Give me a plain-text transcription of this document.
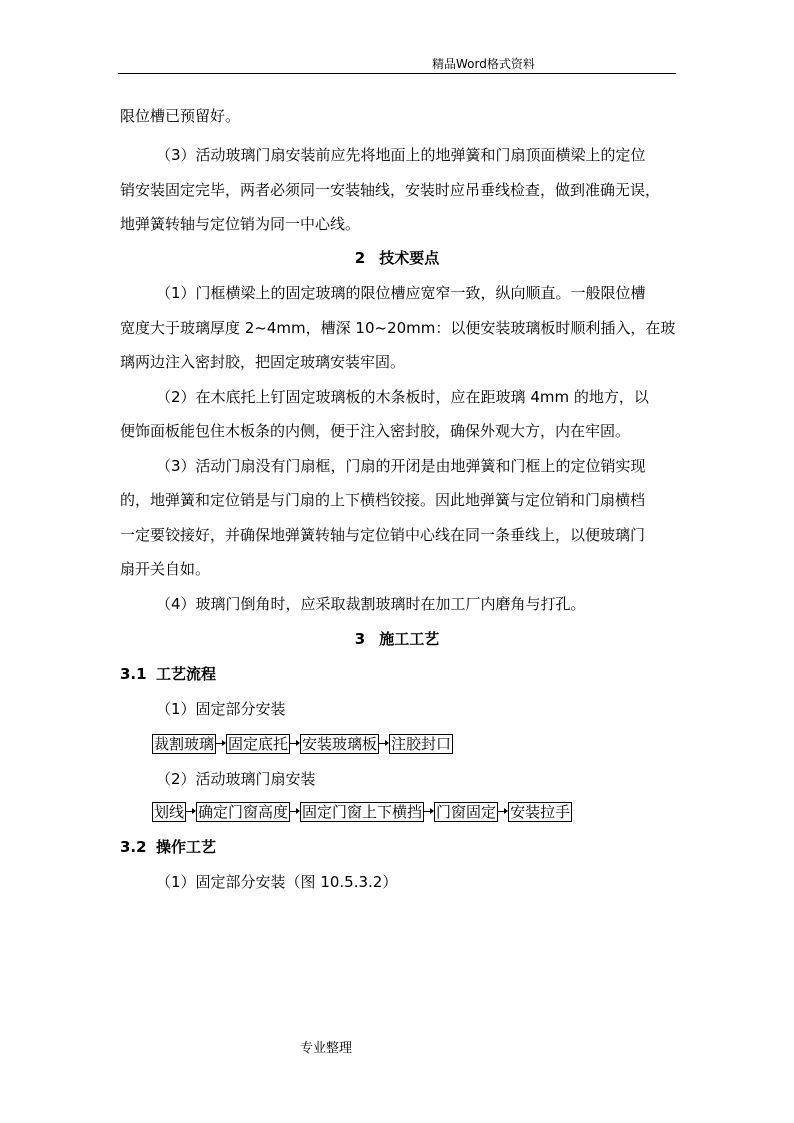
精品Word格式资料
限位槽已预留好。
（3）活动玻璃门扇安装前应先将地面上的地弹簧和门扇顶面横梁上的定位
销安装固定完毕，两者必须同一安装轴线，安装时应吊垂线检查，做到准确无误，
地弹簧转轴与定位销为同一中心线。
2 技术要点
（1）门框横梁上的固定玻璃的限位槽应宽窄一致，纵向顺直。一般限位槽
宽度大于玻璃厚度 2~4mm，槽深 10~20mm：以便安装玻璃板时顺利插入，在玻
璃两边注入密封胶，把固定玻璃安装牢固。
（2）在木底托上钉固定玻璃板的木条板时，应在距玻璃 4mm 的地方，以
便饰面板能包住木板条的内侧，便于注入密封胶，确保外观大方，内在牢固。
（3）活动门扇没有门扇框，门扇的开闭是由地弹簧和门框上的定位销实现
的，地弹簧和定位销是与门扇的上下横档铰接。因此地弹簧与定位销和门扇横档
一定要铰接好，并确保地弹簧转轴与定位销中心线在同一条垂线上，以便玻璃门
扇开关自如。
（4）玻璃门倒角时，应采取裁割玻璃时在加工厂内磨角与打孔。
3 施工工艺
3.1 工艺流程
（1）固定部分安装
裁割玻璃 固定底托 安装玻璃板 注胶封口
（2）活动玻璃门扇安装
划线 确定门窗高度 固定门窗上下横挡 门窗固定 安装拉手
3.2 操作工艺
（1）固定部分安装（图 10.5.3.2）
专业整理
